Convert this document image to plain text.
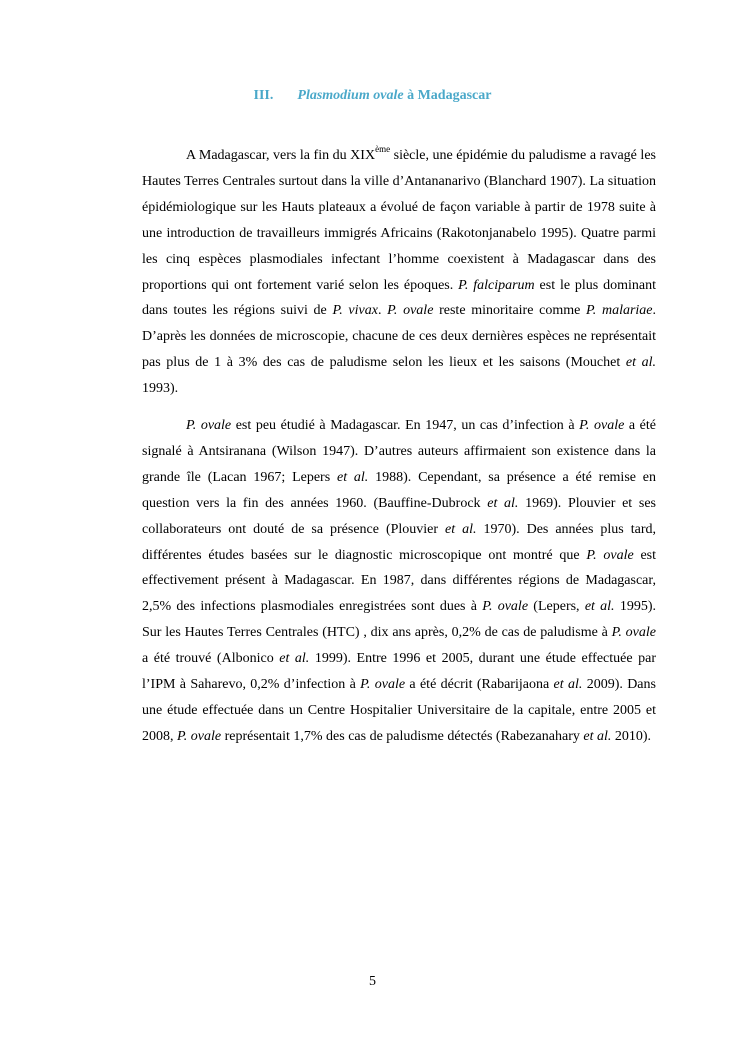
III. Plasmodium ovale à Madagascar

A Madagascar, vers la fin du XIXème siècle, une épidémie du paludisme a ravagé les Hautes Terres Centrales surtout dans la ville d’Antananarivo (Blanchard 1907). La situation épidémiologique sur les Hauts plateaux a évolué de façon variable à partir de 1978 suite à une introduction de travailleurs immigrés Africains (Rakotonjanabelo 1995). Quatre parmi les cinq espèces plasmodiales infectant l’homme coexistent à Madagascar dans des proportions qui ont fortement varié selon les époques. P. falciparum est le plus dominant dans toutes les régions suivi de P. vivax. P. ovale reste minoritaire comme P. malariae. D’après les données de microscopie, chacune de ces deux dernières espèces ne représentait pas plus de 1 à 3% des cas de paludisme selon les lieux et les saisons (Mouchet et al. 1993).

P. ovale est peu étudié à Madagascar. En 1947, un cas d’infection à P. ovale a été signalé à Antsiranana (Wilson 1947). D’autres auteurs affirmaient son existence dans la grande île (Lacan 1967; Lepers et al. 1988). Cependant, sa présence a été remise en question vers la fin des années 1960. (Bauffine-Dubrock et al. 1969). Plouvier et ses collaborateurs ont douté de sa présence (Plouvier et al. 1970). Des années plus tard, différentes études basées sur le diagnostic microscopique ont montré que P. ovale est effectivement présent à Madagascar. En 1987, dans différentes régions de Madagascar, 2,5% des infections plasmodiales enregistrées sont dues à P. ovale (Lepers, et al. 1995). Sur les Hautes Terres Centrales (HTC) , dix ans après, 0,2% de cas de paludisme à P. ovale a été trouvé (Albonico et al. 1999). Entre 1996 et 2005, durant une étude effectuée par l’IPM à Saharevo, 0,2% d’infection à P. ovale a été décrit (Rabarijaona et al. 2009). Dans une étude effectuée dans un Centre Hospitalier Universitaire de la capitale, entre 2005 et 2008, P. ovale représentait 1,7% des cas de paludisme détectés (Rabezanahary et al. 2010).

5
